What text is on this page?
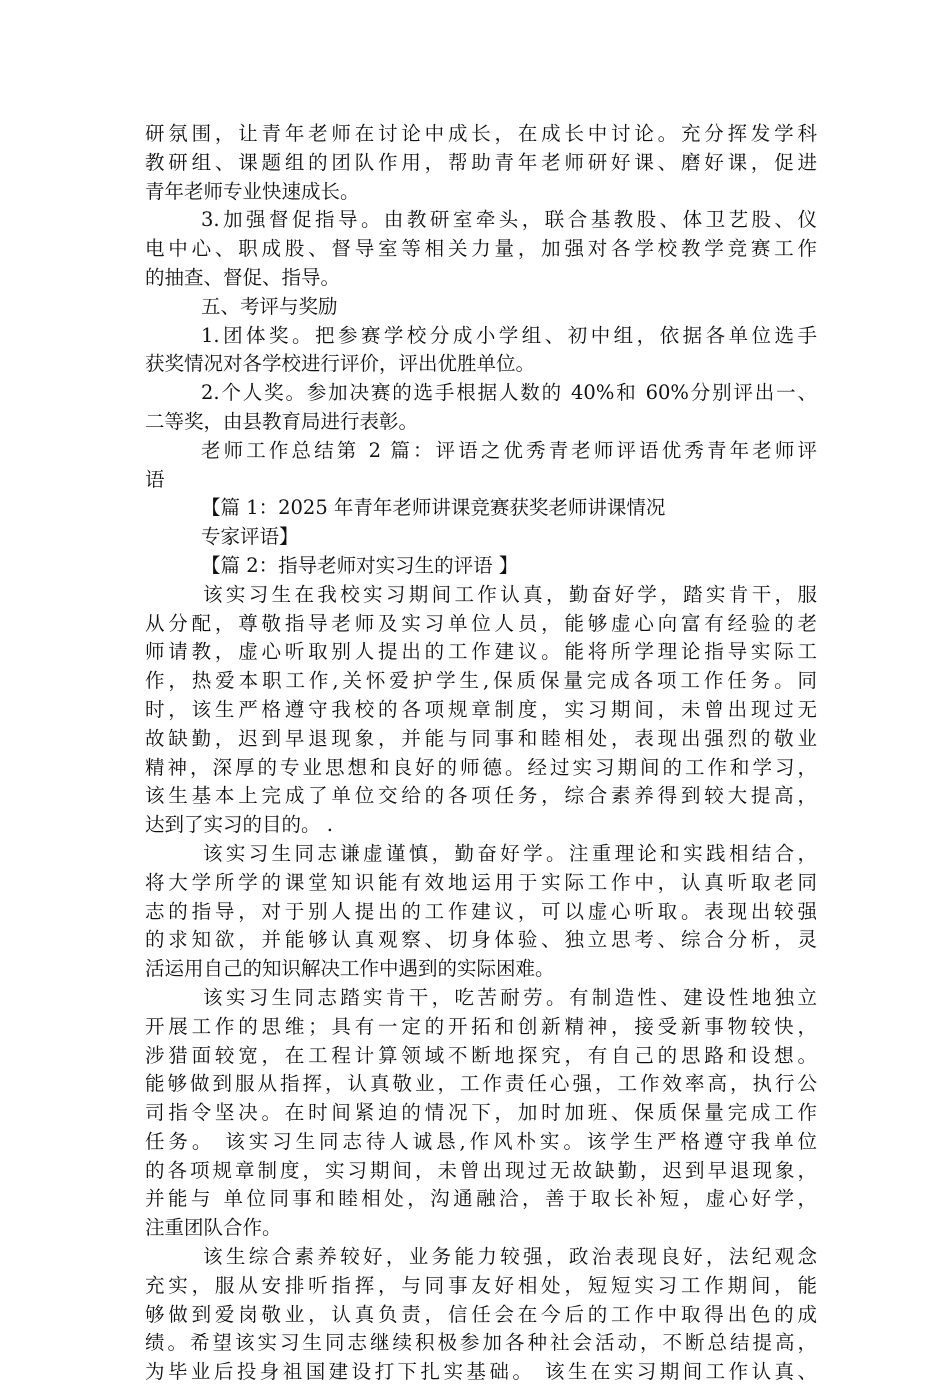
研氛围，让青年老师在讨论中成长，在成长中讨论。充分挥发学科
教研组、课题组的团队作用，帮助青年老师研好课、磨好课，促进
青年老师专业快速成长。
3.加强督促指导。由教研室牵头，联合基教股、体卫艺股、仪
电中心、职成股、督导室等相关力量，加强对各学校教学竞赛工作
的抽查、督促、指导。
五、考评与奖励
1.团体奖。把参赛学校分成小学组、初中组，依据各单位选手
获奖情况对各学校进行评价，评出优胜单位。
2.个人奖。参加决赛的选手根据人数的 40%和 60%分别评出一、
二等奖，由县教育局进行表彰。
老师工作总结第 2 篇：评语之优秀青老师评语优秀青年老师评
语
【篇 1：2025 年青年老师讲课竞赛获奖老师讲课情况
专家评语】
【篇 2：指导老师对实习生的评语 】
该实习生在我校实习期间工作认真，勤奋好学，踏实肯干，服
从分配，尊敬指导老师及实习单位人员，能够虚心向富有经验的老
师请教，虚心听取别人提出的工作建议。能将所学理论指导实际工
作，热爱本职工作,关怀爱护学生,保质保量完成各项工作任务。同
时，该生严格遵守我校的各项规章制度，实习期间，未曾出现过无
故缺勤，迟到早退现象，并能与同事和睦相处，表现出强烈的敬业
精神，深厚的专业思想和良好的师德。经过实习期间的工作和学习，
该生基本上完成了单位交给的各项任务，综合素养得到较大提高，
达到了实习的目的。 .
该实习生同志谦虚谨慎，勤奋好学。注重理论和实践相结合，
将大学所学的课堂知识能有效地运用于实际工作中，认真听取老同
志的指导，对于别人提出的工作建议，可以虚心听取。表现出较强
的求知欲，并能够认真观察、切身体验、独立思考、综合分析，灵
活运用自己的知识解决工作中遇到的实际困难。
该实习生同志踏实肯干，吃苦耐劳。有制造性、建设性地独立
开展工作的思维；具有一定的开拓和创新精神，接受新事物较快，
涉猎面较宽，在工程计算领域不断地探究，有自己的思路和设想。
能够做到服从指挥，认真敬业，工作责任心强，工作效率高，执行公
司指令坚决。在时间紧迫的情况下，加时加班、保质保量完成工作
任务。 该实习生同志待人诚恳,作风朴实。该学生严格遵守我单位
的各项规章制度，实习期间，未曾出现过无故缺勤，迟到早退现象，
并能与 单位同事和睦相处，沟通融洽，善于取长补短，虚心好学，
注重团队合作。
该生综合素养较好，业务能力较强，政治表现良好，法纪观念
充实，服从安排听指挥，与同事友好相处，短短实习工作期间，能
够做到爱岗敬业，认真负责，信任会在今后的工作中取得出色的成
绩。希望该实习生同志继续积极参加各种社会活动，不断总结提高，
为毕业后投身祖国建设打下扎实基础。 该生在实习期间工作认真、
